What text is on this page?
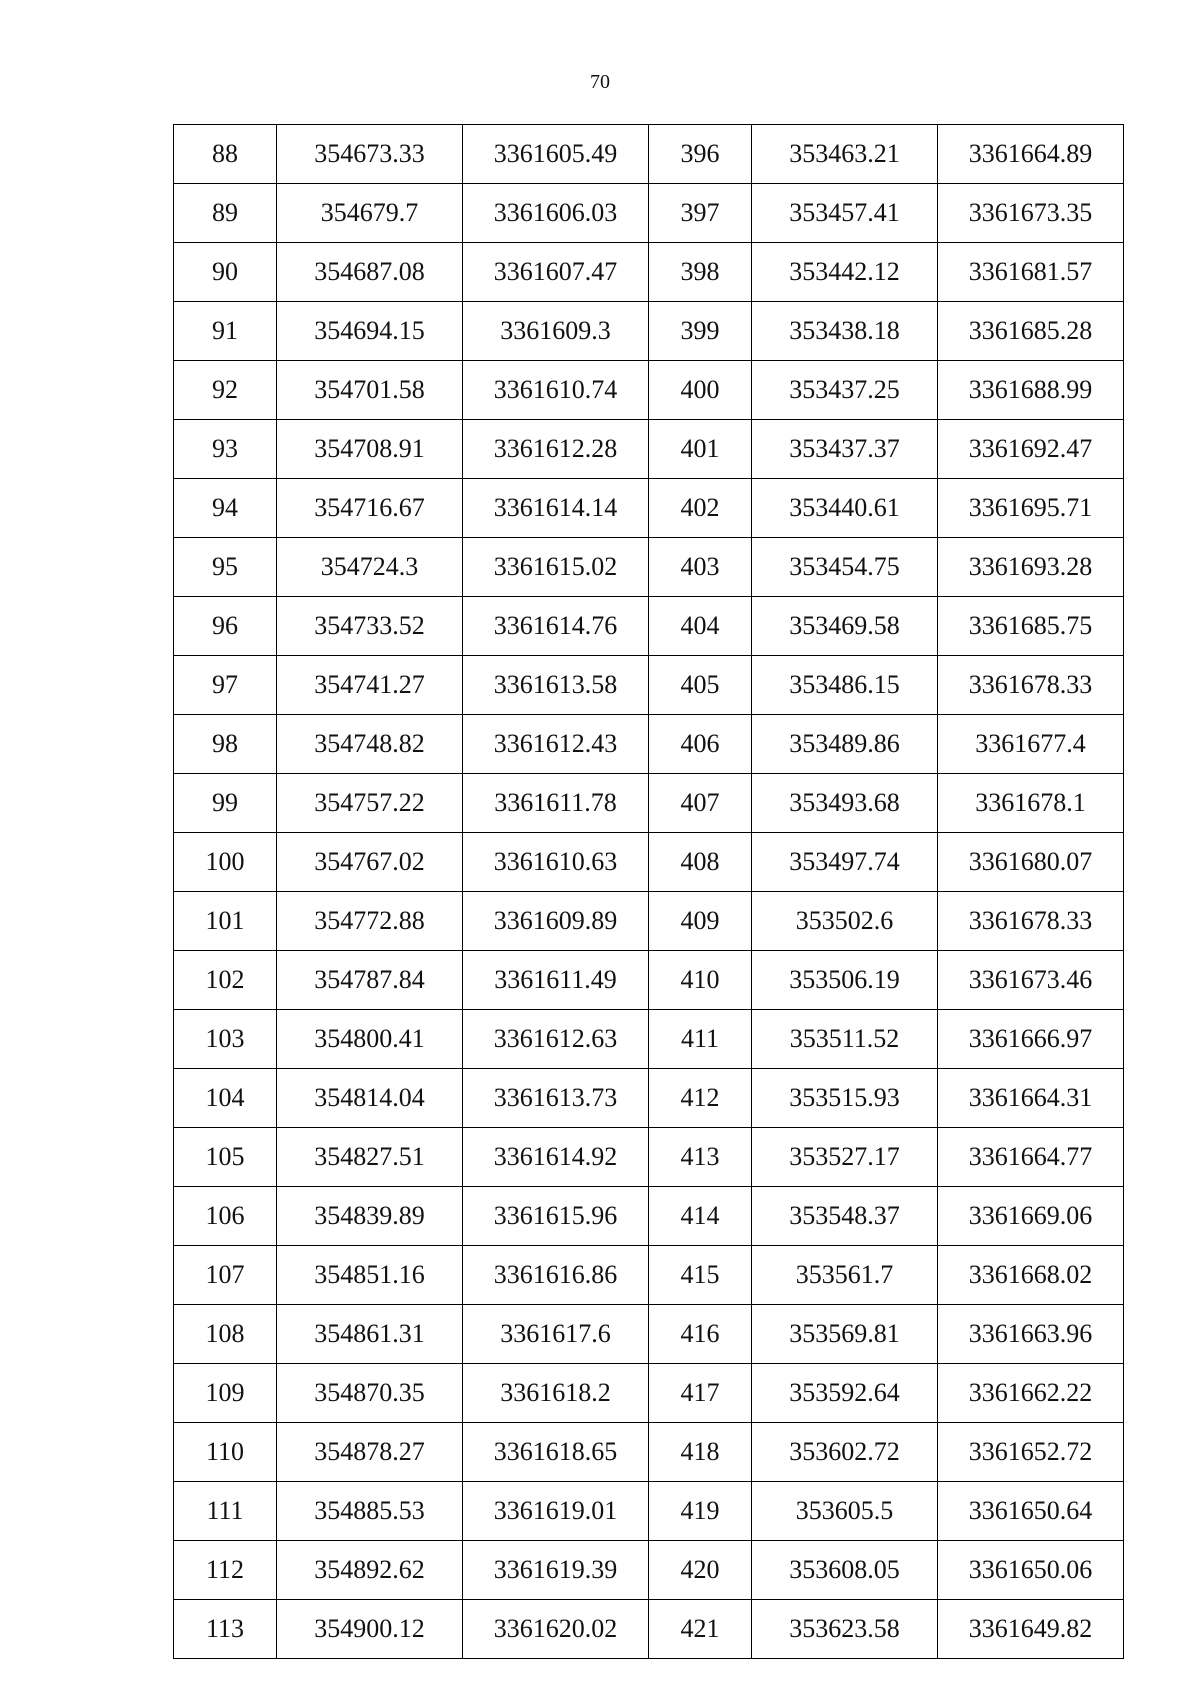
70
88	354673.33	3361605.49	396	353463.21	3361664.89
89	354679.7	3361606.03	397	353457.41	3361673.35
90	354687.08	3361607.47	398	353442.12	3361681.57
91	354694.15	3361609.3	399	353438.18	3361685.28
92	354701.58	3361610.74	400	353437.25	3361688.99
93	354708.91	3361612.28	401	353437.37	3361692.47
94	354716.67	3361614.14	402	353440.61	3361695.71
95	354724.3	3361615.02	403	353454.75	3361693.28
96	354733.52	3361614.76	404	353469.58	3361685.75
97	354741.27	3361613.58	405	353486.15	3361678.33
98	354748.82	3361612.43	406	353489.86	3361677.4
99	354757.22	3361611.78	407	353493.68	3361678.1
100	354767.02	3361610.63	408	353497.74	3361680.07
101	354772.88	3361609.89	409	353502.6	3361678.33
102	354787.84	3361611.49	410	353506.19	3361673.46
103	354800.41	3361612.63	411	353511.52	3361666.97
104	354814.04	3361613.73	412	353515.93	3361664.31
105	354827.51	3361614.92	413	353527.17	3361664.77
106	354839.89	3361615.96	414	353548.37	3361669.06
107	354851.16	3361616.86	415	353561.7	3361668.02
108	354861.31	3361617.6	416	353569.81	3361663.96
109	354870.35	3361618.2	417	353592.64	3361662.22
110	354878.27	3361618.65	418	353602.72	3361652.72
111	354885.53	3361619.01	419	353605.5	3361650.64
112	354892.62	3361619.39	420	353608.05	3361650.06
113	354900.12	3361620.02	421	353623.58	3361649.82
